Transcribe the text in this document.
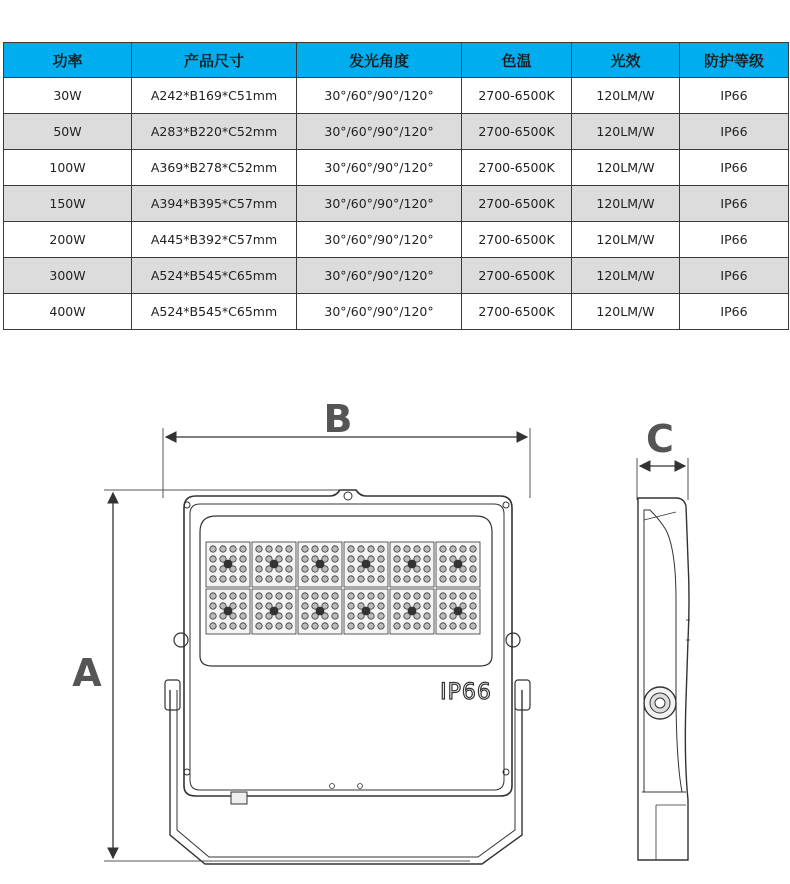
功率	产品尺寸	发光角度	色温	光效	防护等级
30W	A242*B169*C51mm	30°/60°/90°/120°	2700-6500K	120LM/W	IP66
50W	A283*B220*C52mm	30°/60°/90°/120°	2700-6500K	120LM/W	IP66
100W	A369*B278*C52mm	30°/60°/90°/120°	2700-6500K	120LM/W	IP66
150W	A394*B395*C57mm	30°/60°/90°/120°	2700-6500K	120LM/W	IP66
200W	A445*B392*C57mm	30°/60°/90°/120°	2700-6500K	120LM/W	IP66
300W	A524*B545*C65mm	30°/60°/90°/120°	2700-6500K	120LM/W	IP66
400W	A524*B545*C65mm	30°/60°/90°/120°	2700-6500K	120LM/W	IP66
B
A
C
IP66
